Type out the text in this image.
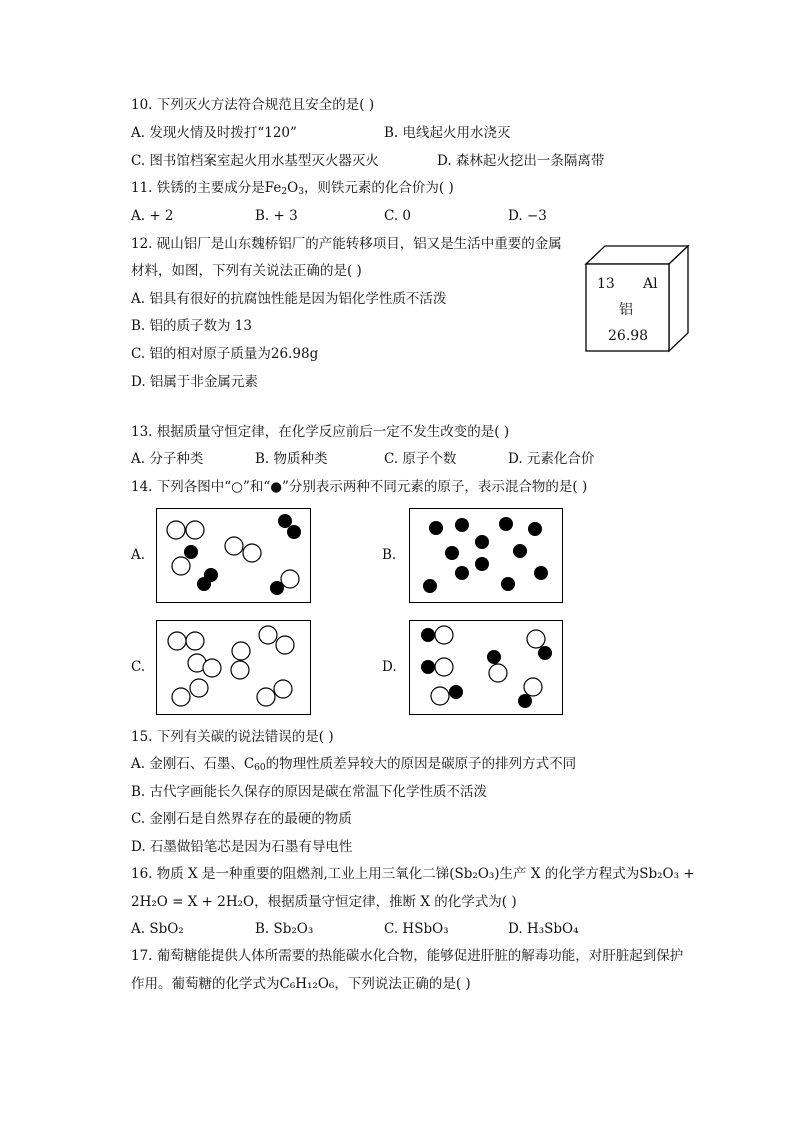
10. 下列灭火方法符合规范且安全的是( )
A. 发现火情及时拨打“120”	B. 电线起火用水浇灭
C. 图书馆档案室起火用水基型灭火器灭火	D. 森林起火挖出一条隔离带
11. 铁锈的主要成分是$Fe_2O_3$，则铁元素的化合价为( )
A. + 2	B. + 3	C. 0	D. −3
12. 砚山铝厂是山东魏桥铝厂的产能转移项目，铝又是生活中重要的金属
材料，如图，下列有关说法正确的是( )
A. 铝具有很好的抗腐蚀性能是因为铝化学性质不活泼
B. 铝的质子数为 13
C. 铝的相对原子质量为26.98g
D. 铝属于非金属元素
13 Al
铝
26.98
13. 根据质量守恒定律，在化学反应前后一定不发生改变的是( )
A. 分子种类	B. 物质种类	C. 原子个数	D. 元素化合价
14. 下列各图中“○”和“●”分别表示两种不同元素的原子，表示混合物的是( )
A.	B.
C.	D.
15. 下列有关碳的说法错误的是( )
A. 金刚石、石墨、$C_{60}$的物理性质差异较大的原因是碳原子的排列方式不同
B. 古代字画能长久保存的原因是碳在常温下化学性质不活泼
C. 金刚石是自然界存在的最硬的物质
D. 石墨做铅笔芯是因为石墨有导电性
16. 物质 X 是一种重要的阻燃剂,工业上用三氧化二锑(Sb₂O₃)生产 X 的化学方程式为Sb₂O₃ +
2H₂O = X + 2H₂O，根据质量守恒定律，推断 X 的化学式为( )
A. SbO₂	B. Sb₂O₃	C. HSbO₃	D. H₃SbO₄
17. 葡萄糖能提供人体所需要的热能碳水化合物，能够促进肝脏的解毒功能，对肝脏起到保护
作用。葡萄糖的化学式为C₆H₁₂O₆，下列说法正确的是( )
